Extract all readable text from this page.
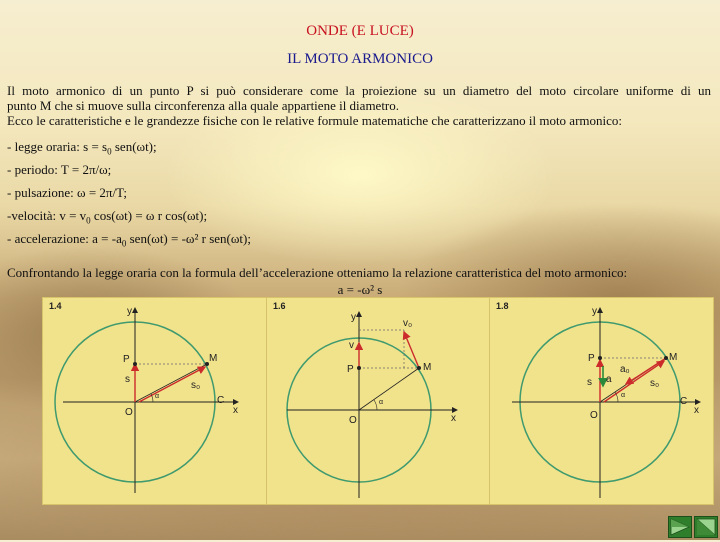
ONDE (E LUCE)
IL MOTO ARMONICO
Il moto armonico di un punto P si può considerare come la proiezione su un diametro del moto circolare uniforme di un
punto M che si muove sulla circonferenza alla quale appartiene il diametro.
Ecco le caratteristiche e le grandezze fisiche con le relative formule matematiche che caratterizzano il moto armonico:
- legge oraria: $s = s_0$ sen(ωt);
- periodo: T = 2π/ω;
- pulsazione: ω = 2π/T;
-velocità: $v = v_0$ cos(ωt) = ω r cos(ωt);
- accelerazione: $a = -a_0$ sen(ωt) = -ω² r sen(ωt);
Confrontando la legge oraria con la formula dell’accelerazione otteniamo la relazione caratteristica del moto armonico:
a = -ω² s
y
x
O
P	M
C
s
s₀
α
1.4
y
x
O
P	M
v
v₀
α
1.6	y
x
O
P	M
C
s a
a₀
s₀
α
1.8
